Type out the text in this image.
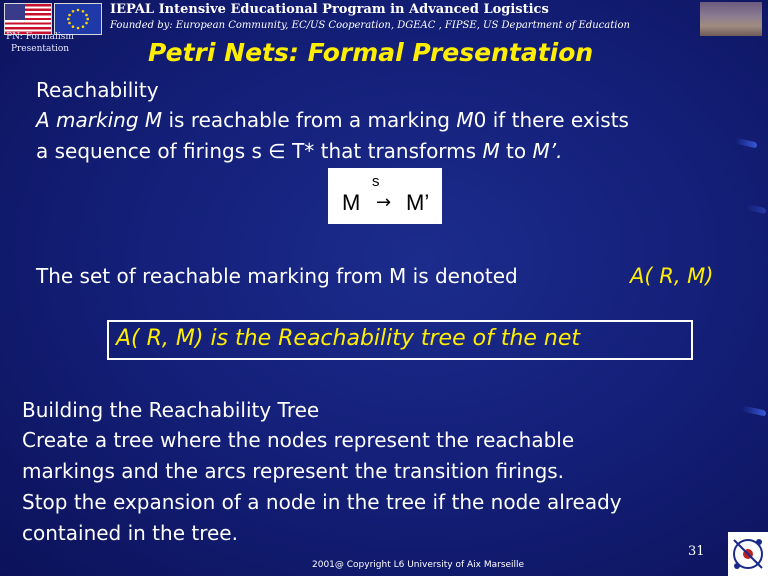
IEPAL Intensive Educational Program in Advanced Logistics
Founded by: European Community, EC/US Cooperation, DGEAC , FIPSE, US Department of Education
PN: Formalism Presentation	Petri Nets: Formal Presentation
Reachability
A marking M is reachable from a marking M0 if there exists
a sequence of firings s ∈ T* that transforms M to M’.
s
M → M’
The set of reachable marking from M is denoted	A( R, M)
A( R, M) is the Reachability tree of the net
Building the Reachability Tree
Create a tree where the nodes represent the reachable
markings and the arcs represent the transition firings.
Stop the expansion of a node in the tree if the node already
contained in the tree.
31
2001@ Copyright L6 University of Aix Marseille
